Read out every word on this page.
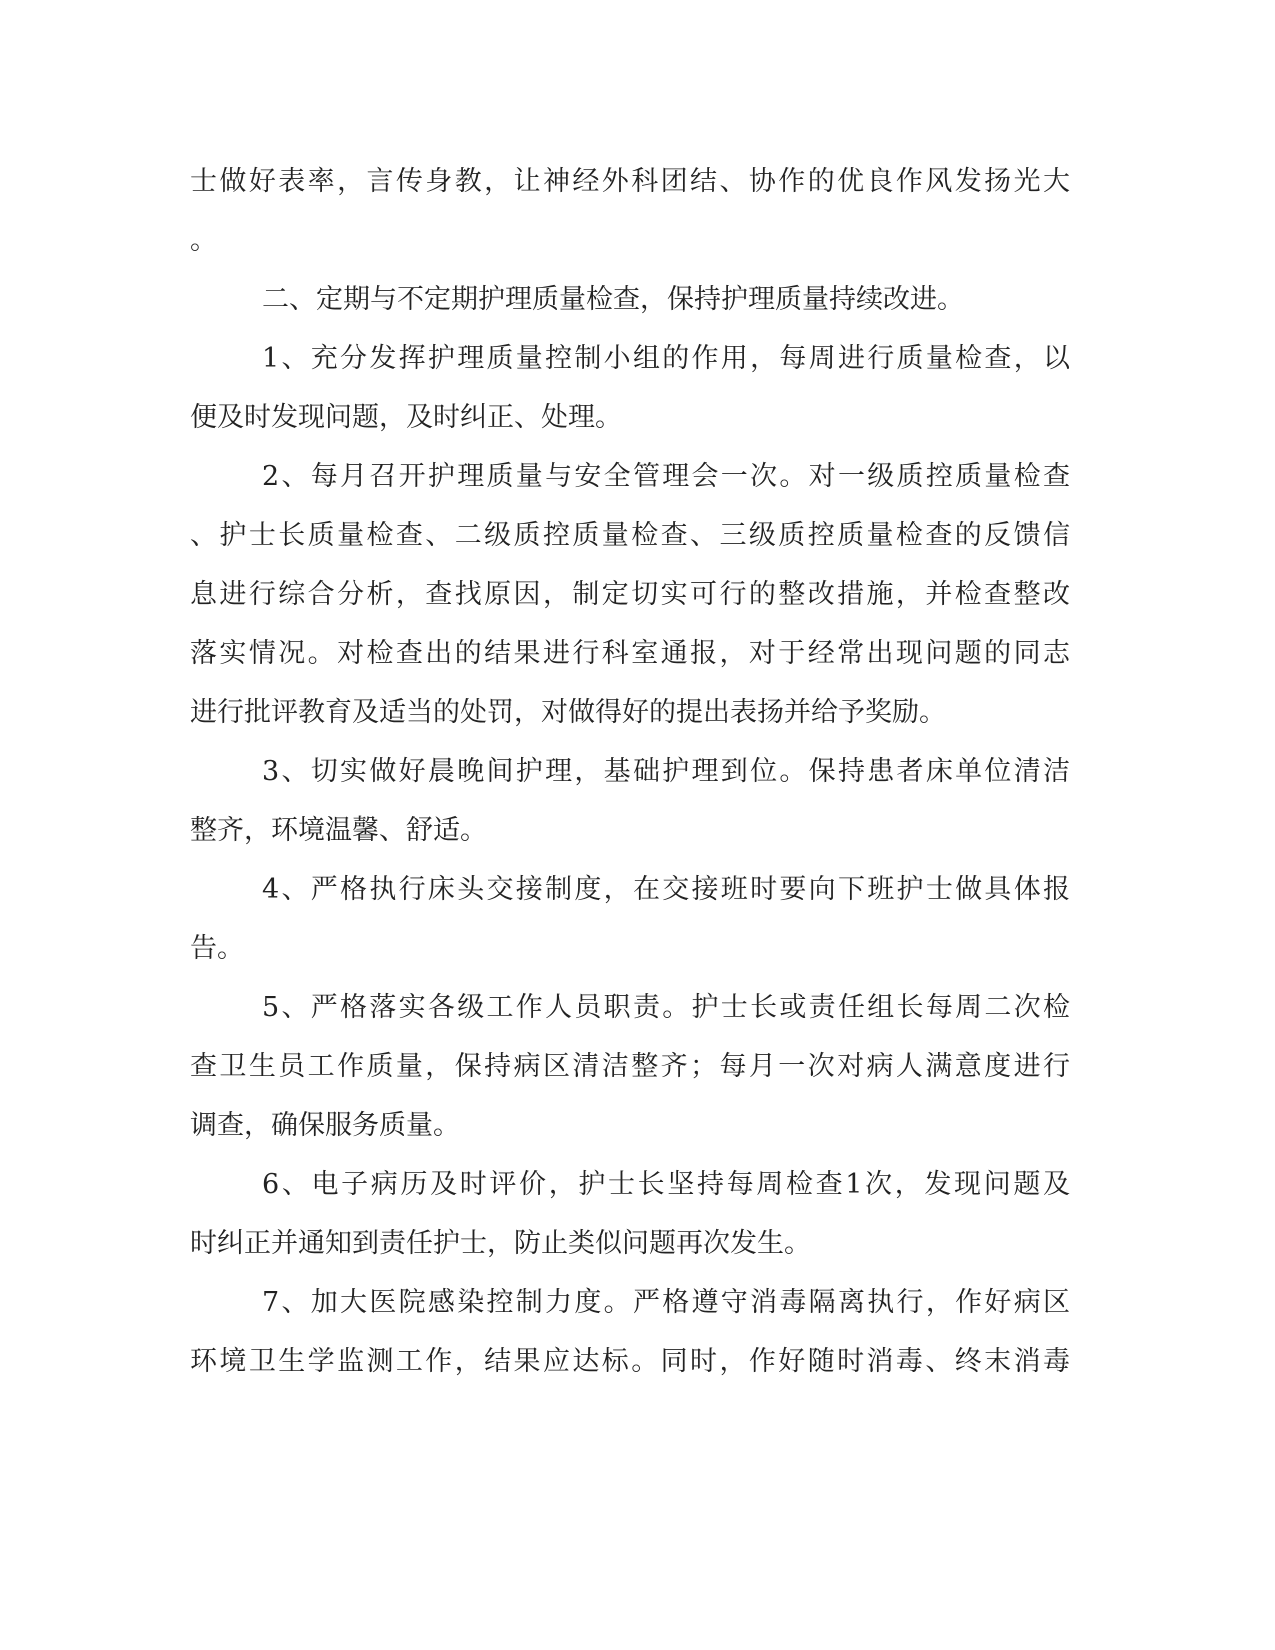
士做好表率，言传身教，让神经外科团结、协作的优良作风发扬光大
。
二、定期与不定期护理质量检查，保持护理质量持续改进。
1、充分发挥护理质量控制小组的作用，每周进行质量检查，以
便及时发现问题，及时纠正、处理。
2、每月召开护理质量与安全管理会一次。对一级质控质量检查
、护士长质量检查、二级质控质量检查、三级质控质量检查的反馈信
息进行综合分析，查找原因，制定切实可行的整改措施，并检查整改
落实情况。对检查出的结果进行科室通报，对于经常出现问题的同志
进行批评教育及适当的处罚，对做得好的提出表扬并给予奖励。
3、切实做好晨晚间护理，基础护理到位。保持患者床单位清洁
整齐，环境温馨、舒适。
4、严格执行床头交接制度，在交接班时要向下班护士做具体报
告。
5、严格落实各级工作人员职责。护士长或责任组长每周二次检
查卫生员工作质量，保持病区清洁整齐；每月一次对病人满意度进行
调查，确保服务质量。
6、电子病历及时评价，护士长坚持每周检查1次，发现问题及
时纠正并通知到责任护士，防止类似问题再次发生。
7、加大医院感染控制力度。严格遵守消毒隔离执行，作好病区
环境卫生学监测工作，结果应达标。同时，作好随时消毒、终末消毒
